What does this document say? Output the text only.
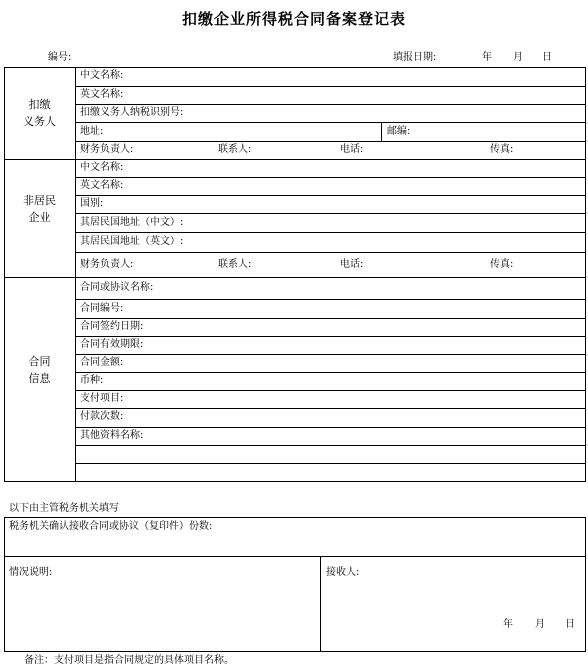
扣缴企业所得税合同备案登记表
编号:	填报日期:	年 月 日
扣缴
义务人
中文名称:
英文名称:
扣缴义务人纳税识别号:
地址:	邮编:
财务负责人:	联系人:	电话:	传真:
非居民
企业
中文名称:
英文名称:
国别:
其居民国地址（中文）:
其居民国地址（英文）:
财务负责人:	联系人:	电话:	传真:
合同
信息
合同或协议名称:
合同编号:
合同签约日期:
合同有效期限:
合同金额:
币种:
支付项目:
付款次数:
其他资料名称:
以下由主管税务机关填写
税务机关确认接收合同或协议（复印件）份数:
情况说明:	接收人:
年 月 日
备注：支付项目是指合同规定的具体项目名称。
